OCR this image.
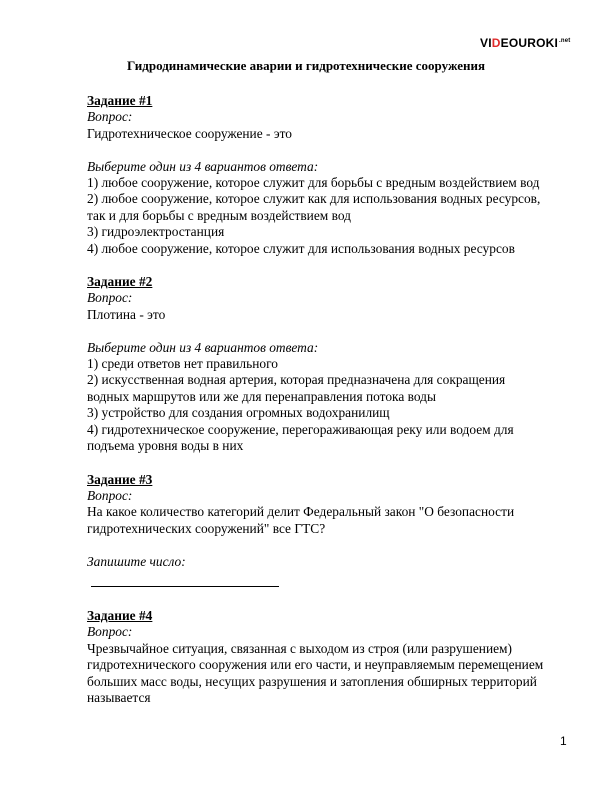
$VIDEOUROKI^{.net}$
Гидродинамические аварии и гидротехнические сооружения
Задание #1
Вопрос:
Гидротехническое сооружение - это
Выберите один из 4 вариантов ответа:
1) любое сооружение, которое служит для борьбы с вредным воздействием вод
2) любое сооружение, которое служит как для использования водных ресурсов,
так и для борьбы с вредным воздействием вод
3) гидроэлектростанция
4) любое сооружение, которое служит для использования водных ресурсов
Задание #2
Вопрос:
Плотина - это
Выберите один из 4 вариантов ответа:
1) среди ответов нет правильного
2) искусственная водная артерия, которая предназначена для сокращения
водных маршрутов или же для перенаправления потока воды
3) устройство для создания огромных водохранилищ
4) гидротехническое сооружение, перегораживающая реку или водоем для
подъема уровня воды в них
Задание #3
Вопрос:
На какое количество категорий делит Федеральный закон "О безопасности
гидротехнических сооружений" все ГТС?
Запишите число:
Задание #4
Вопрос:
Чрезвычайное ситуация, связанная с выходом из строя (или разрушением)
гидротехнического сооружения или его части, и неуправляемым перемещением
больших масс воды, несущих разрушения и затопления обширных территорий
называется
1
